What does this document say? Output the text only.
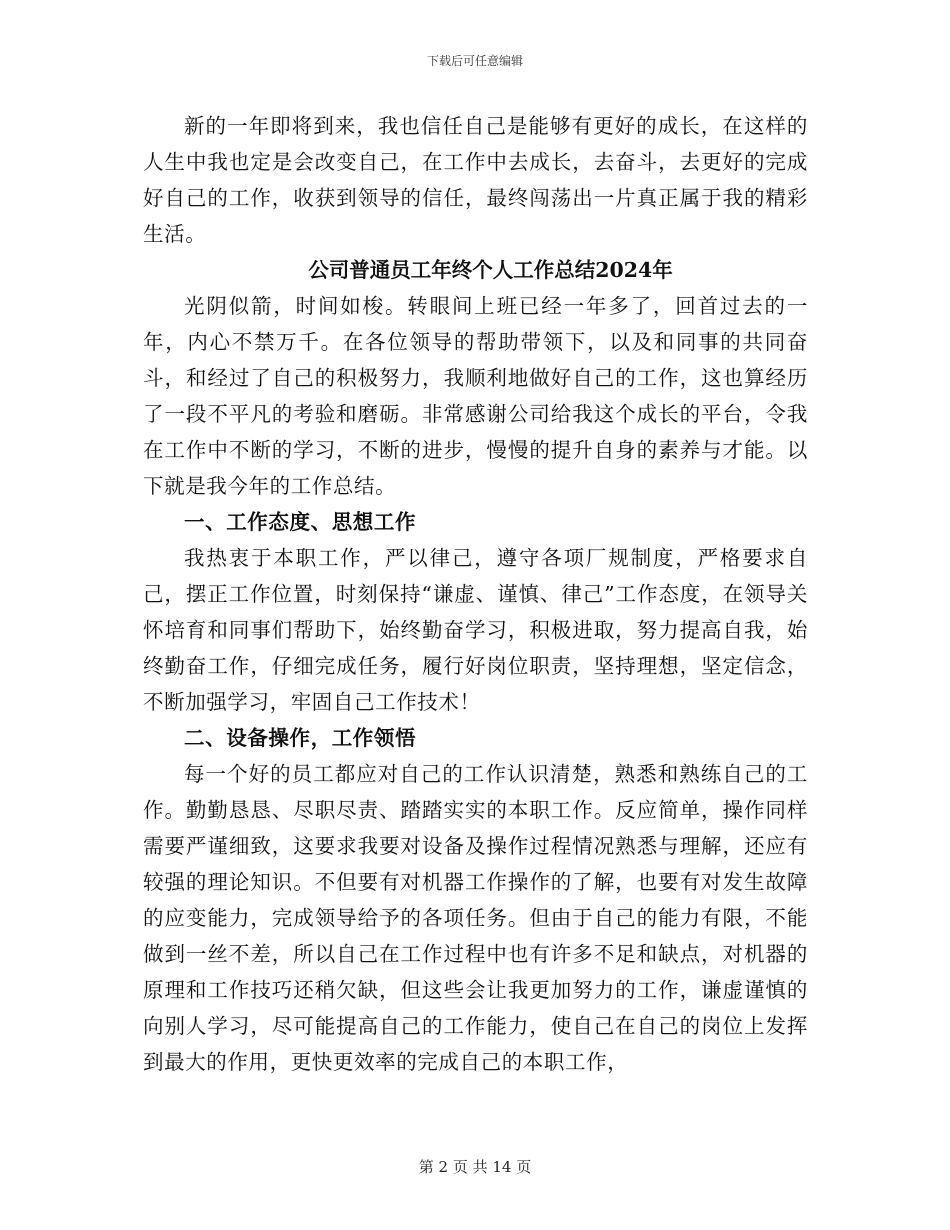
下载后可任意编辑

新的一年即将到来，我也信任自己是能够有更好的成长，在这样的人生中我也定是会改变自己，在工作中去成长，去奋斗，去更好的完成好自己的工作，收获到领导的信任，最终闯荡出一片真正属于我的精彩生活。

公司普通员工年终个人工作总结2024年

光阴似箭，时间如梭。转眼间上班已经一年多了，回首过去的一年，内心不禁万千。在各位领导的帮助带领下，以及和同事的共同奋斗，和经过了自己的积极努力，我顺利地做好自己的工作，这也算经历了一段不平凡的考验和磨砺。非常感谢公司给我这个成长的平台，令我在工作中不断的学习，不断的进步，慢慢的提升自身的素养与才能。以下就是我今年的工作总结。

一、工作态度、思想工作

我热衷于本职工作，严以律己，遵守各项厂规制度，严格要求自己，摆正工作位置，时刻保持“谦虚、谨慎、律己”工作态度，在领导关怀培育和同事们帮助下，始终勤奋学习，积极进取，努力提高自我，始终勤奋工作，仔细完成任务，履行好岗位职责，坚持理想，坚定信念，不断加强学习，牢固自己工作技术！

二、设备操作，工作领悟

每一个好的员工都应对自己的工作认识清楚，熟悉和熟练自己的工作。勤勤恳恳、尽职尽责、踏踏实实的本职工作。反应简单，操作同样需要严谨细致，这要求我要对设备及操作过程情况熟悉与理解，还应有较强的理论知识。不但要有对机器工作操作的了解，也要有对发生故障的应变能力，完成领导给予的各项任务。但由于自己的能力有限，不能做到一丝不差，所以自己在工作过程中也有许多不足和缺点，对机器的原理和工作技巧还稍欠缺，但这些会让我更加努力的工作，谦虚谨慎的向别人学习，尽可能提高自己的工作能力，使自己在自己的岗位上发挥到最大的作用，更快更效率的完成自己的本职工作，

第 2 页 共 14 页
